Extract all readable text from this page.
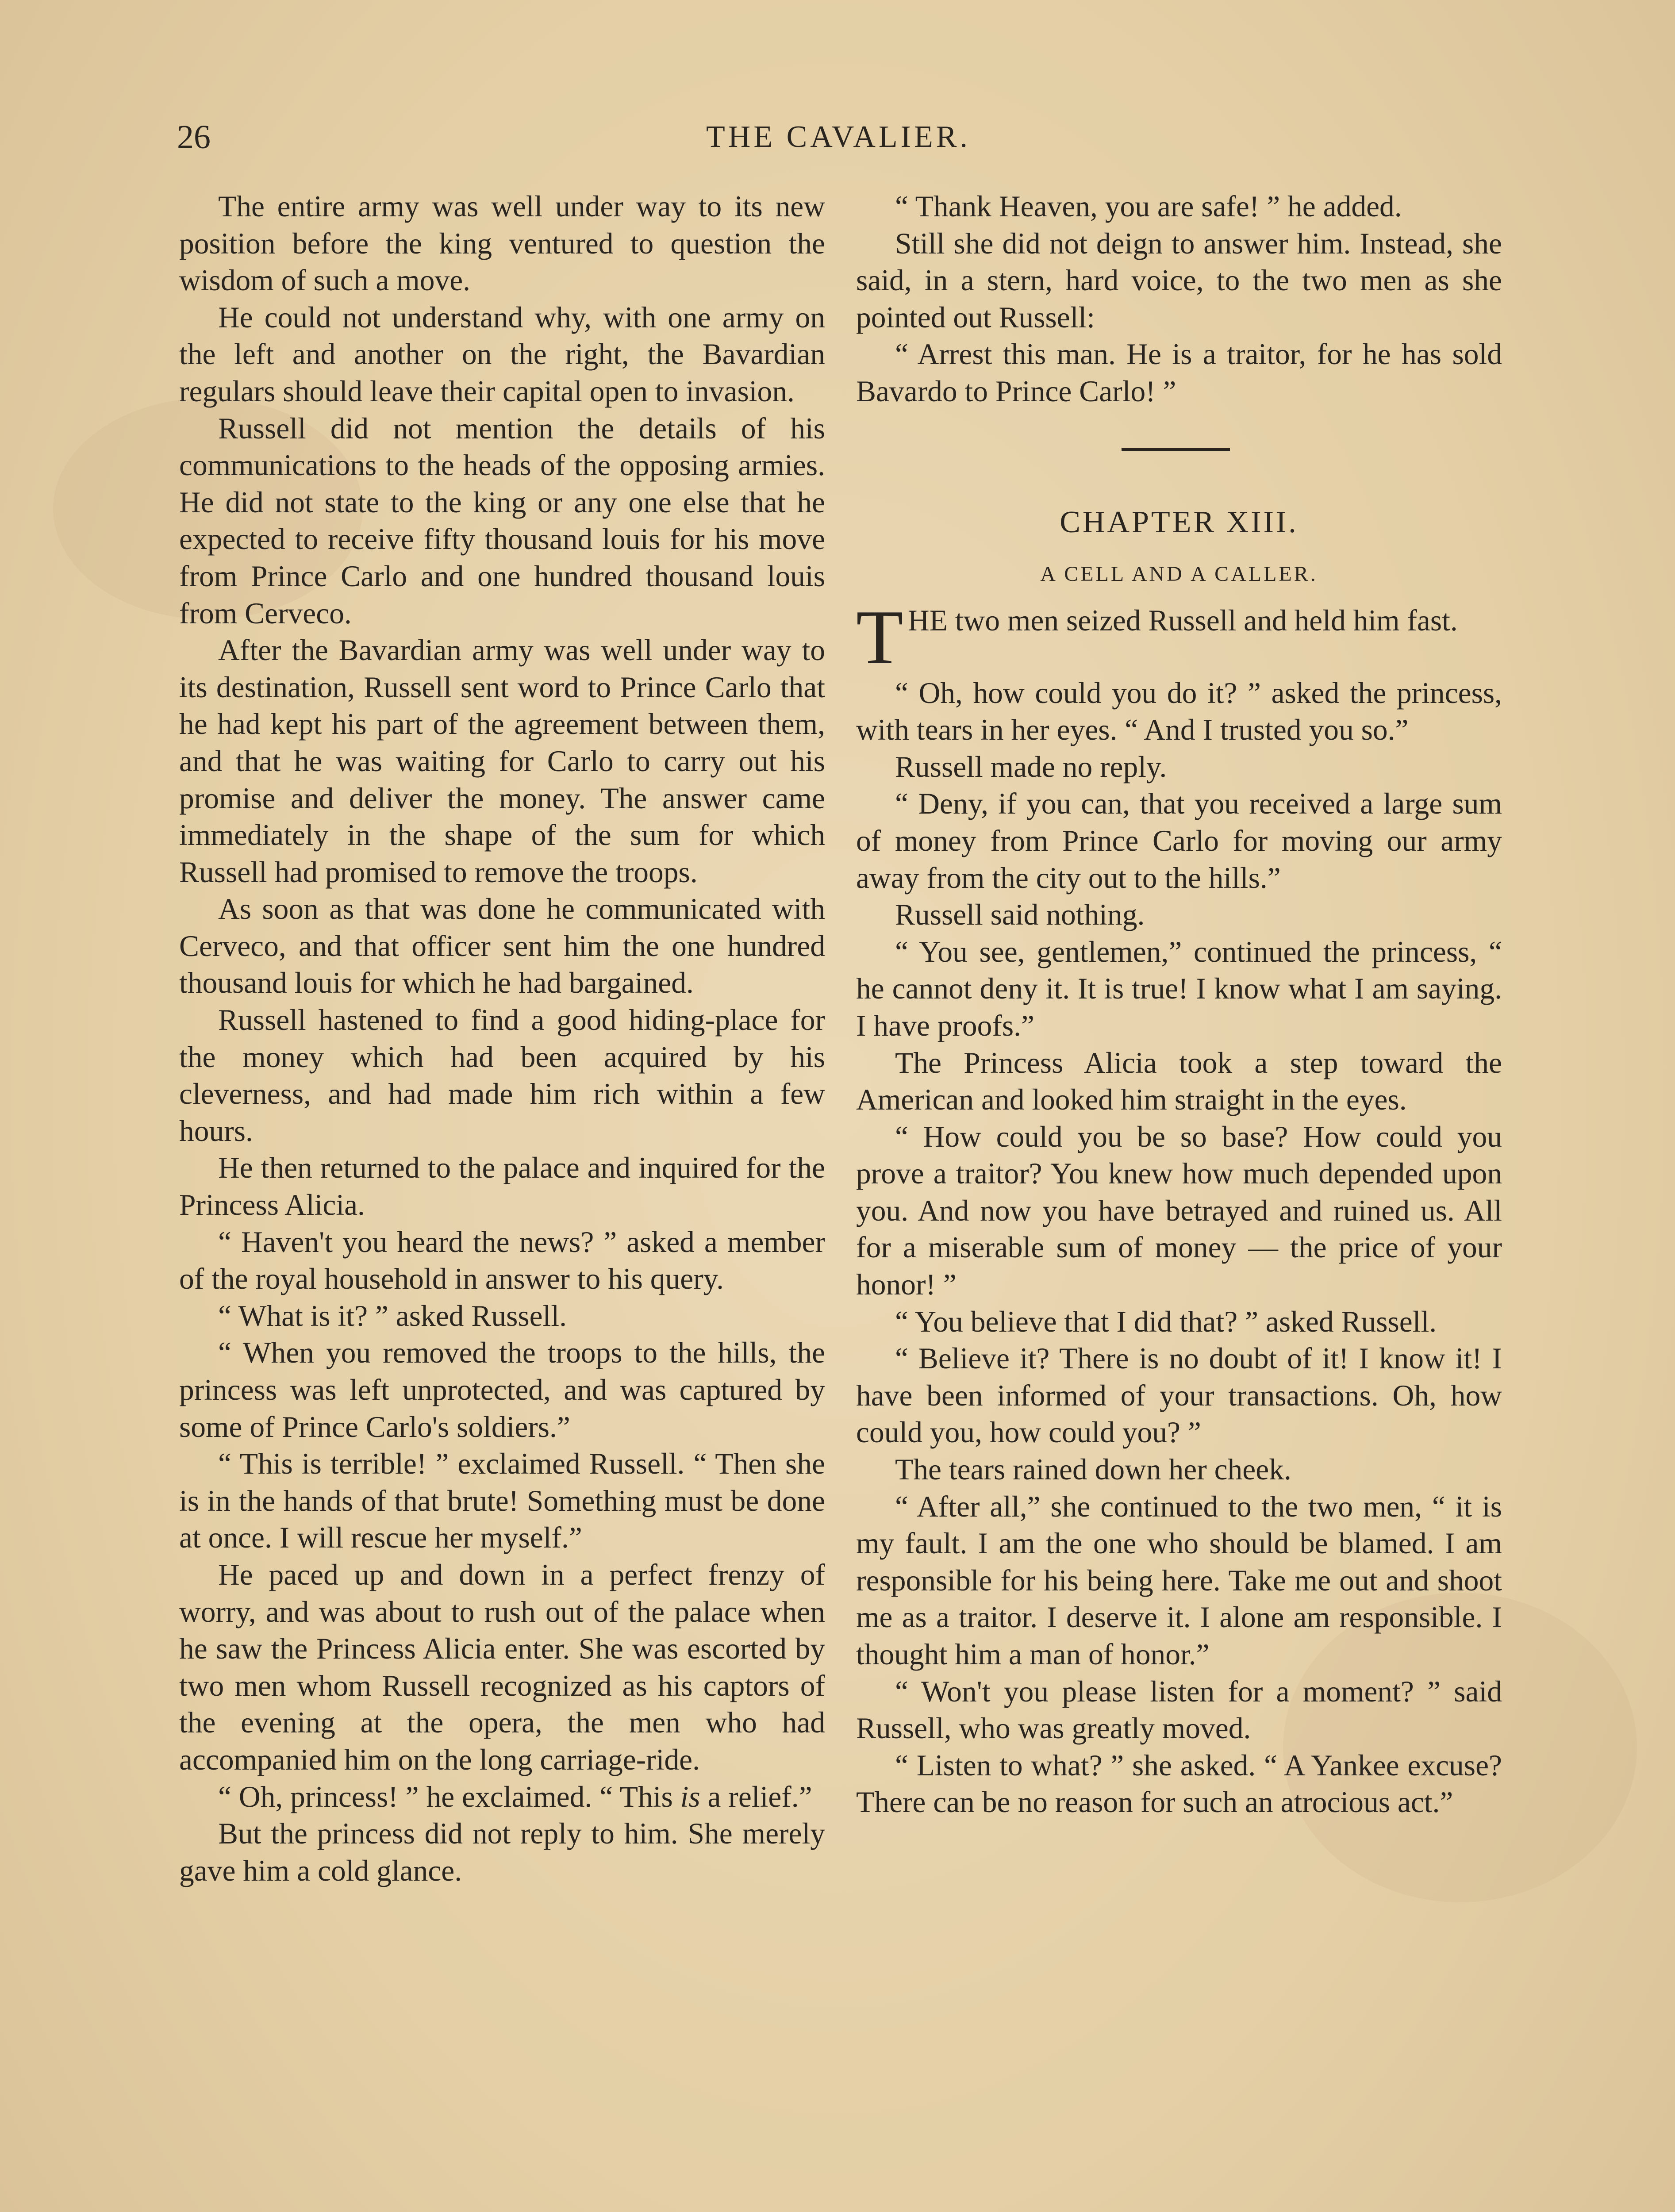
26	THE CAVALIER.

The entire army was well under way to its new position before the king ventured to question the wisdom of such a move.

He could not understand why, with one army on the left and another on the right, the Bavardian regulars should leave their capital open to invasion.

Russell did not mention the details of his communications to the heads of the opposing armies. He did not state to the king or any one else that he expected to receive fifty thousand louis for his move from Prince Carlo and one hundred thousand louis from Cerveco.

After the Bavardian army was well under way to its destination, Russell sent word to Prince Carlo that he had kept his part of the agreement between them, and that he was waiting for Carlo to carry out his promise and deliver the money. The answer came immediately in the shape of the sum for which Russell had promised to remove the troops.

As soon as that was done he communicated with Cerveco, and that officer sent him the one hundred thousand louis for which he had bargained.

Russell hastened to find a good hiding-place for the money which had been acquired by his cleverness, and had made him rich within a few hours.

He then returned to the palace and inquired for the Princess Alicia.

“ Haven't you heard the news? ” asked a member of the royal household in answer to his query.

“ What is it? ” asked Russell.

“ When you removed the troops to the hills, the princess was left unprotected, and was captured by some of Prince Carlo's soldiers.”

“ This is terrible! ” exclaimed Russell. “ Then she is in the hands of that brute! Something must be done at once. I will rescue her myself.”

He paced up and down in a perfect frenzy of worry, and was about to rush out of the palace when he saw the Princess Alicia enter. She was escorted by two men whom Russell recognized as his captors of the evening at the opera, the men who had accompanied him on the long carriage-ride.

“ Oh, princess! ” he exclaimed. “ This is a relief.”

But the princess did not reply to him. She merely gave him a cold glance.

“ Thank Heaven, you are safe! ” he added.

Still she did not deign to answer him. Instead, she said, in a stern, hard voice, to the two men as she pointed out Russell:

“ Arrest this man. He is a traitor, for he has sold Bavardo to Prince Carlo! ”

CHAPTER XIII.

A CELL AND A CALLER.

THE two men seized Russell and held him fast.

“ Oh, how could you do it? ” asked the princess, with tears in her eyes. “ And I trusted you so.”

Russell made no reply.

“ Deny, if you can, that you received a large sum of money from Prince Carlo for moving our army away from the city out to the hills.”

Russell said nothing.

“ You see, gentlemen,” continued the princess, “ he cannot deny it. It is true! I know what I am saying. I have proofs.”

The Princess Alicia took a step toward the American and looked him straight in the eyes.

“ How could you be so base? How could you prove a traitor? You knew how much depended upon you. And now you have betrayed and ruined us. All for a miserable sum of money — the price of your honor! ”

“ You believe that I did that? ” asked Russell.

“ Believe it? There is no doubt of it! I know it! I have been informed of your transactions. Oh, how could you, how could you? ”

The tears rained down her cheek.

“ After all,” she continued to the two men, “ it is my fault. I am the one who should be blamed. I am responsible for his being here. Take me out and shoot me as a traitor. I deserve it. I alone am responsible. I thought him a man of honor.”

“ Won't you please listen for a moment? ” said Russell, who was greatly moved.

“ Listen to what? ” she asked. “ A Yankee excuse? There can be no reason for such an atrocious act.”
